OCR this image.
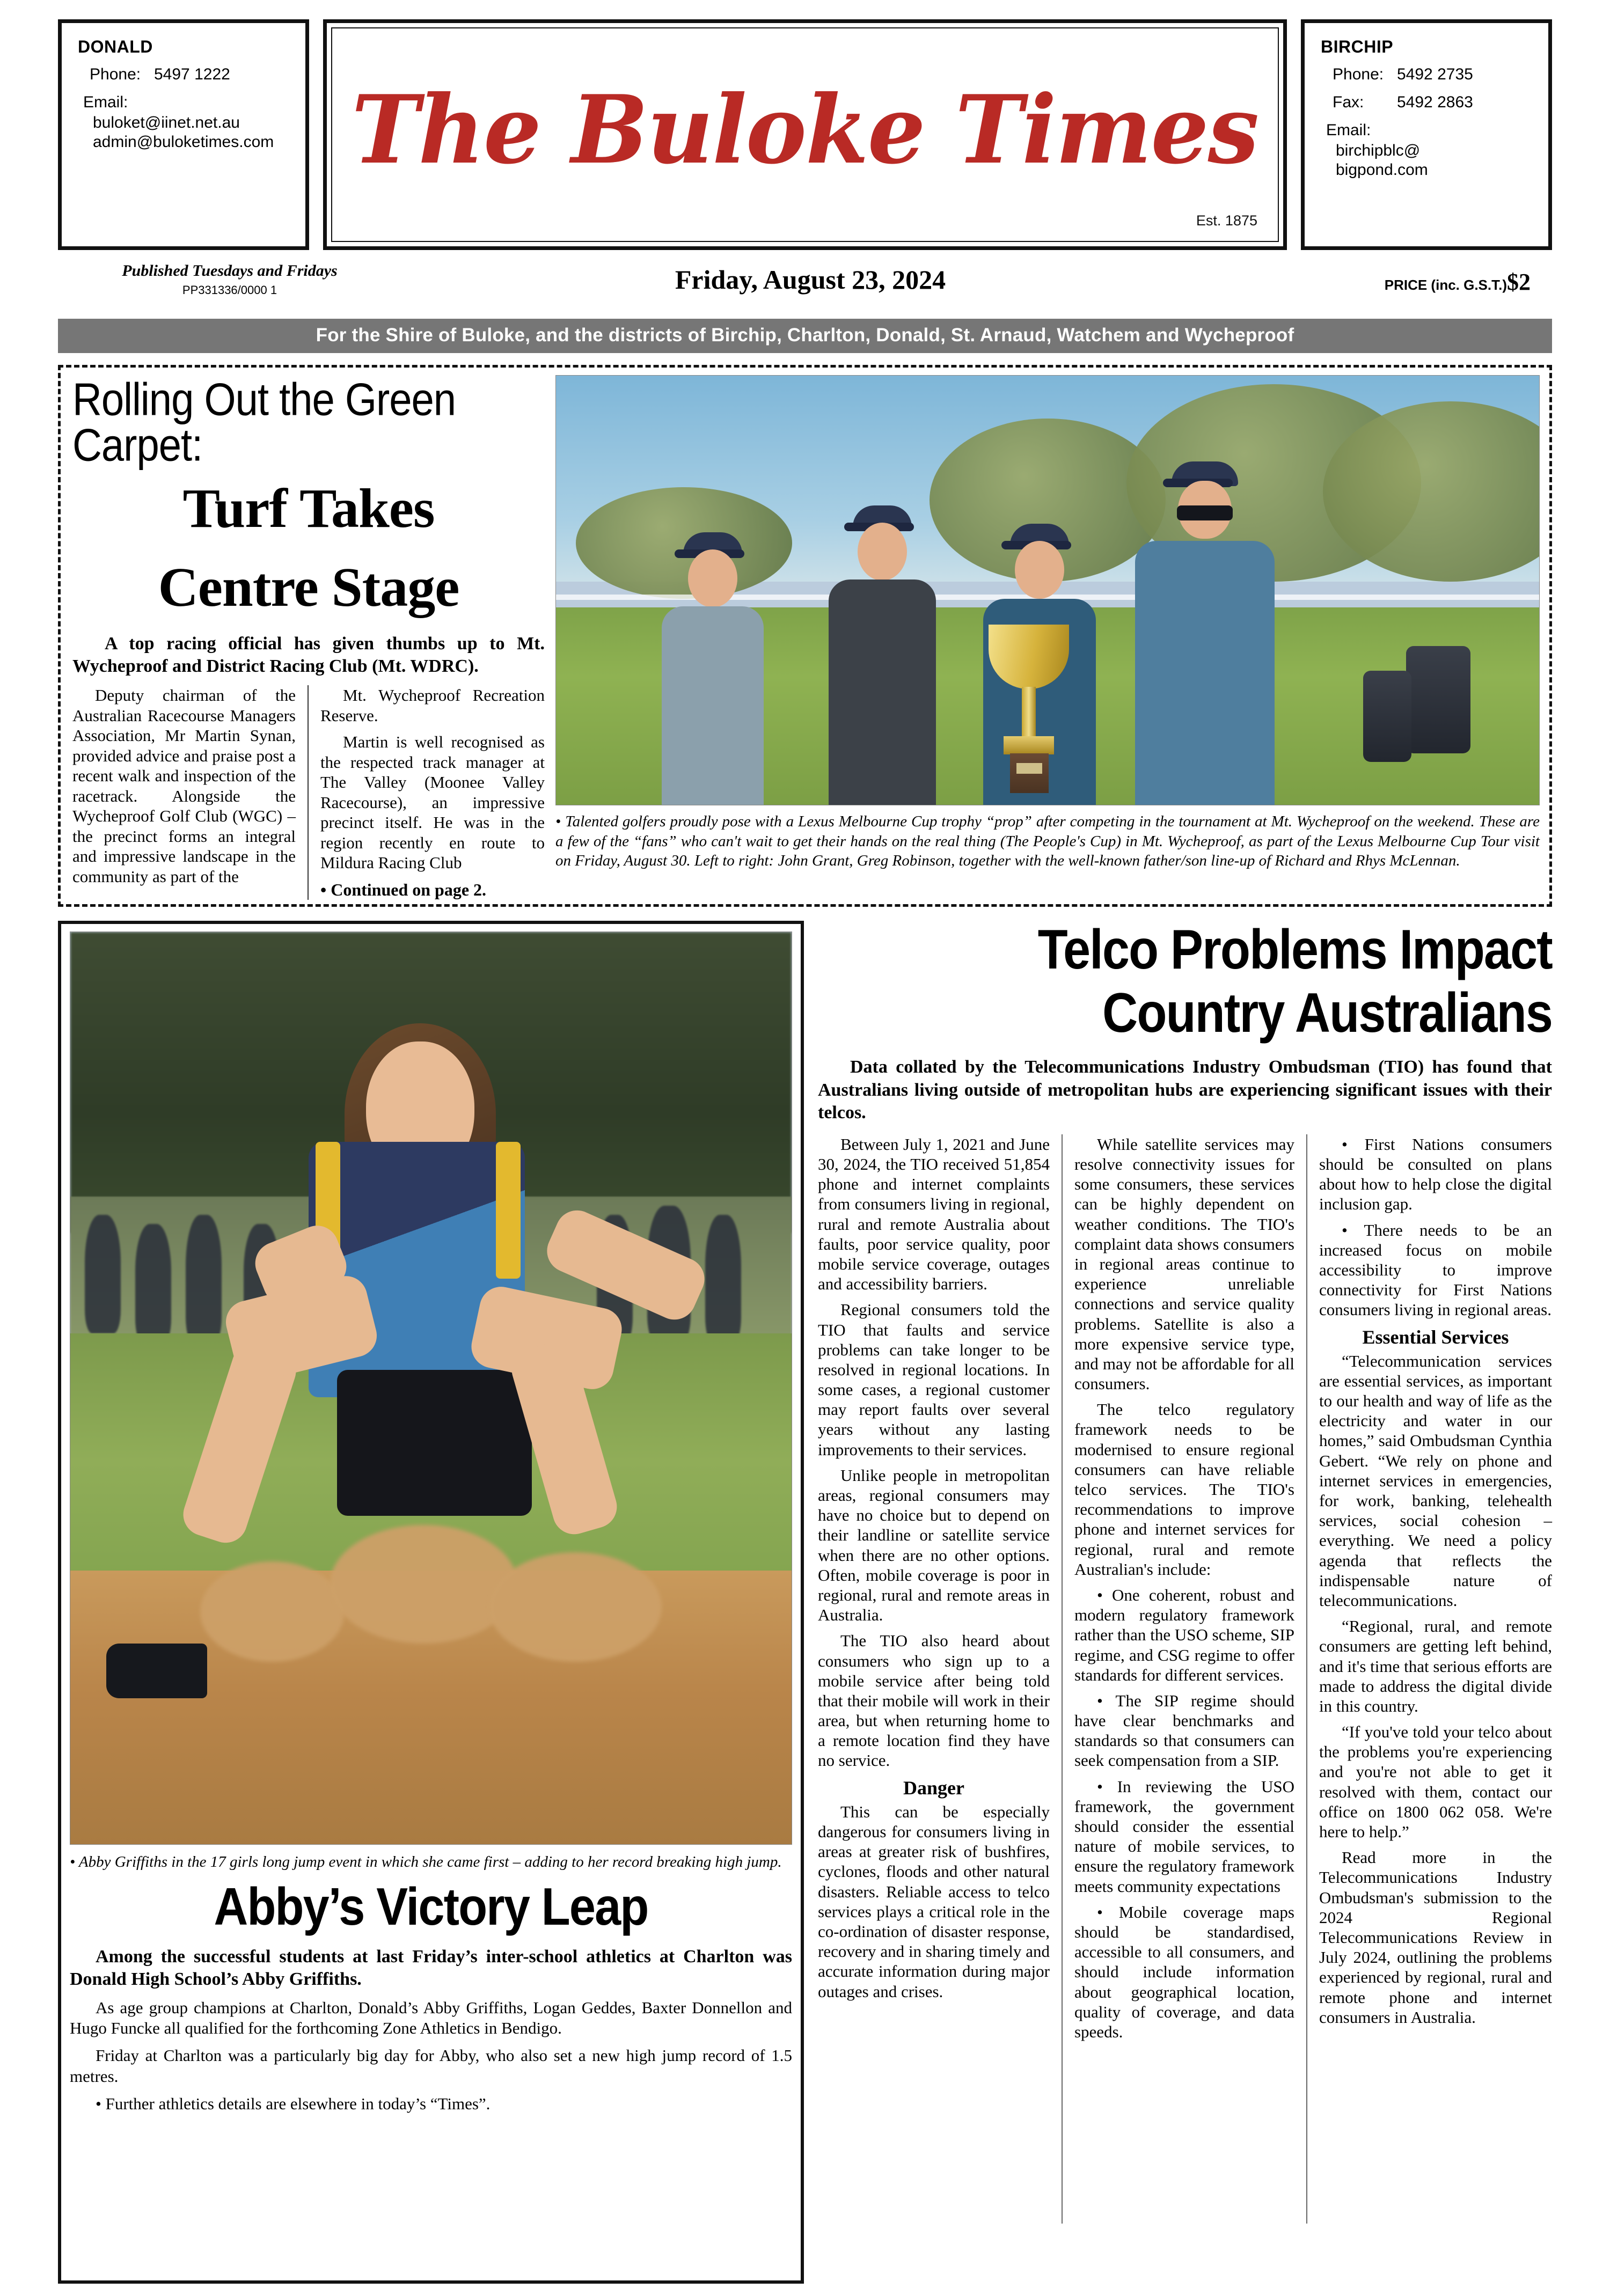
DONALD
Phone: 5497 1222
Email:
buloket@iinet.net.au
admin@buloketimes.com The Buloke Times
Est. 1875
BIRCHIP
Phone: 5492 2735
Fax: 5492 2863
Email:
birchipblc@
bigpond.com
Published Tuesdays and Fridays
PP331336/0000 1	Friday, August 23, 2024	PRICE (inc. G.S.T.)$2
For the Shire of Buloke, and the districts of Birchip, Charlton, Donald, St. Arnaud, Watchem and Wycheproof
Rolling Out the Green Carpet:
Turf Takes
Centre Stage
A top racing official has given thumbs up to Mt. Wycheproof and District Racing Club (Mt. WDRC).

Deputy chairman of the Australian Racecourse Managers Association, Mr Martin Synan, provided advice and praise post a recent walk and inspection of the racetrack. Alongside the Wycheproof Golf Club (WGC) – the precinct forms an integral and impressive landscape in the community as part of the

Mt. Wycheproof Recreation Reserve.

Martin is well recognised as the respected track manager at The Valley (Moonee Valley Racecourse), an impressive precinct itself. He was in the region recently en route to Mildura Racing Club

• Continued on page 2.
• Talented golfers proudly pose with a Lexus Melbourne Cup trophy “prop” after competing in the tournament at Mt. Wycheproof on the weekend. These are a few of the “fans” who can't wait to get their hands on the real thing (The People's Cup) in Mt. Wycheproof, as part of the Lexus Melbourne Cup Tour visit on Friday, August 30. Left to right: John Grant, Greg Robinson, together with the well-known father/son line-up of Richard and Rhys McLennan.
• Abby Griffiths in the 17 girls long jump event in which she came first – adding to her record breaking high jump.
Abby’s Victory Leap

Among the successful students at last Friday’s inter-school athletics at Charlton was Donald High School’s Abby Griffiths.

As age group champions at Charlton, Donald’s Abby Griffiths, Logan Geddes, Baxter Donnellon and Hugo Funcke all qualified for the forthcoming Zone Athletics in Bendigo.

Friday at Charlton was a particularly big day for Abby, who also set a new high jump record of 1.5 metres.

• Further athletics details are elsewhere in today’s “Times”.

Telco Problems Impact
Country Australians
Data collated by the Telecommunications Industry Ombudsman (TIO) has found that Australians living outside of metropolitan hubs are experiencing significant issues with their telcos.

Between July 1, 2021 and June 30, 2024, the TIO received 51,854 phone and internet complaints from consumers living in regional, rural and remote Australia about faults, poor service quality, poor mobile service coverage, outages and accessibility barriers.

Regional consumers told the TIO that faults and service problems can take longer to be resolved in regional locations. In some cases, a regional customer may report faults over several years without any lasting improvements to their services.

Unlike people in metropolitan areas, regional consumers may have no choice but to depend on their landline or satellite service when there are no other options. Often, mobile coverage is poor in regional, rural and remote areas in Australia.

The TIO also heard about consumers who sign up to a mobile service after being told that their mobile will work in their area, but when returning home to a remote location find they have no service.

Danger

This can be especially dangerous for consumers living in areas at greater risk of bushfires, cyclones, floods and other natural disasters. Reliable access to telco services plays a critical role in the co-ordination of disaster response, recovery and in sharing timely and accurate information during major outages and crises.

While satellite services may resolve connectivity issues for some consumers, these services can be highly dependent on weather conditions. The TIO's complaint data shows consumers in regional areas continue to experience unreliable connections and service quality problems. Satellite is also a more expensive service type, and may not be affordable for all consumers.

The telco regulatory framework needs to be modernised to ensure regional consumers can have reliable telco services. The TIO's recommendations to improve phone and internet services for regional, rural and remote Australian's include:

• One coherent, robust and modern regulatory framework rather than the USO scheme, SIP regime, and CSG regime to offer standards for different services.

• The SIP regime should have clear benchmarks and standards so that consumers can seek compensation from a SIP.

• In reviewing the USO framework, the government should consider the essential nature of mobile services, to ensure the regulatory framework meets community expectations

• Mobile coverage maps should be standardised, accessible to all consumers, and should include information about geographical location, quality of coverage, and data speeds.

• First Nations consumers should be consulted on plans about how to help close the digital inclusion gap.

• There needs to be an increased focus on mobile accessibility to improve connectivity for First Nations consumers living in regional areas.

Essential Services

“Telecommunication services are essential services, as important to our health and way of life as the electricity and water in our homes,” said Ombudsman Cynthia Gebert. “We rely on phone and internet services in emergencies, for work, banking, telehealth services, social cohesion – everything. We need a policy agenda that reflects the indispensable nature of telecommunications.

“Regional, rural, and remote consumers are getting left behind, and it's time that serious efforts are made to address the digital divide in this country.

“If you've told your telco about the problems you're experiencing and you're not able to get it resolved with them, contact our office on 1800 062 058. We're here to help.”

Read more in the Telecommunications Industry Ombudsman's submission to the 2024 Regional Telecommunications Review in July 2024, outlining the problems experienced by regional, rural and remote phone and internet consumers in Australia.
